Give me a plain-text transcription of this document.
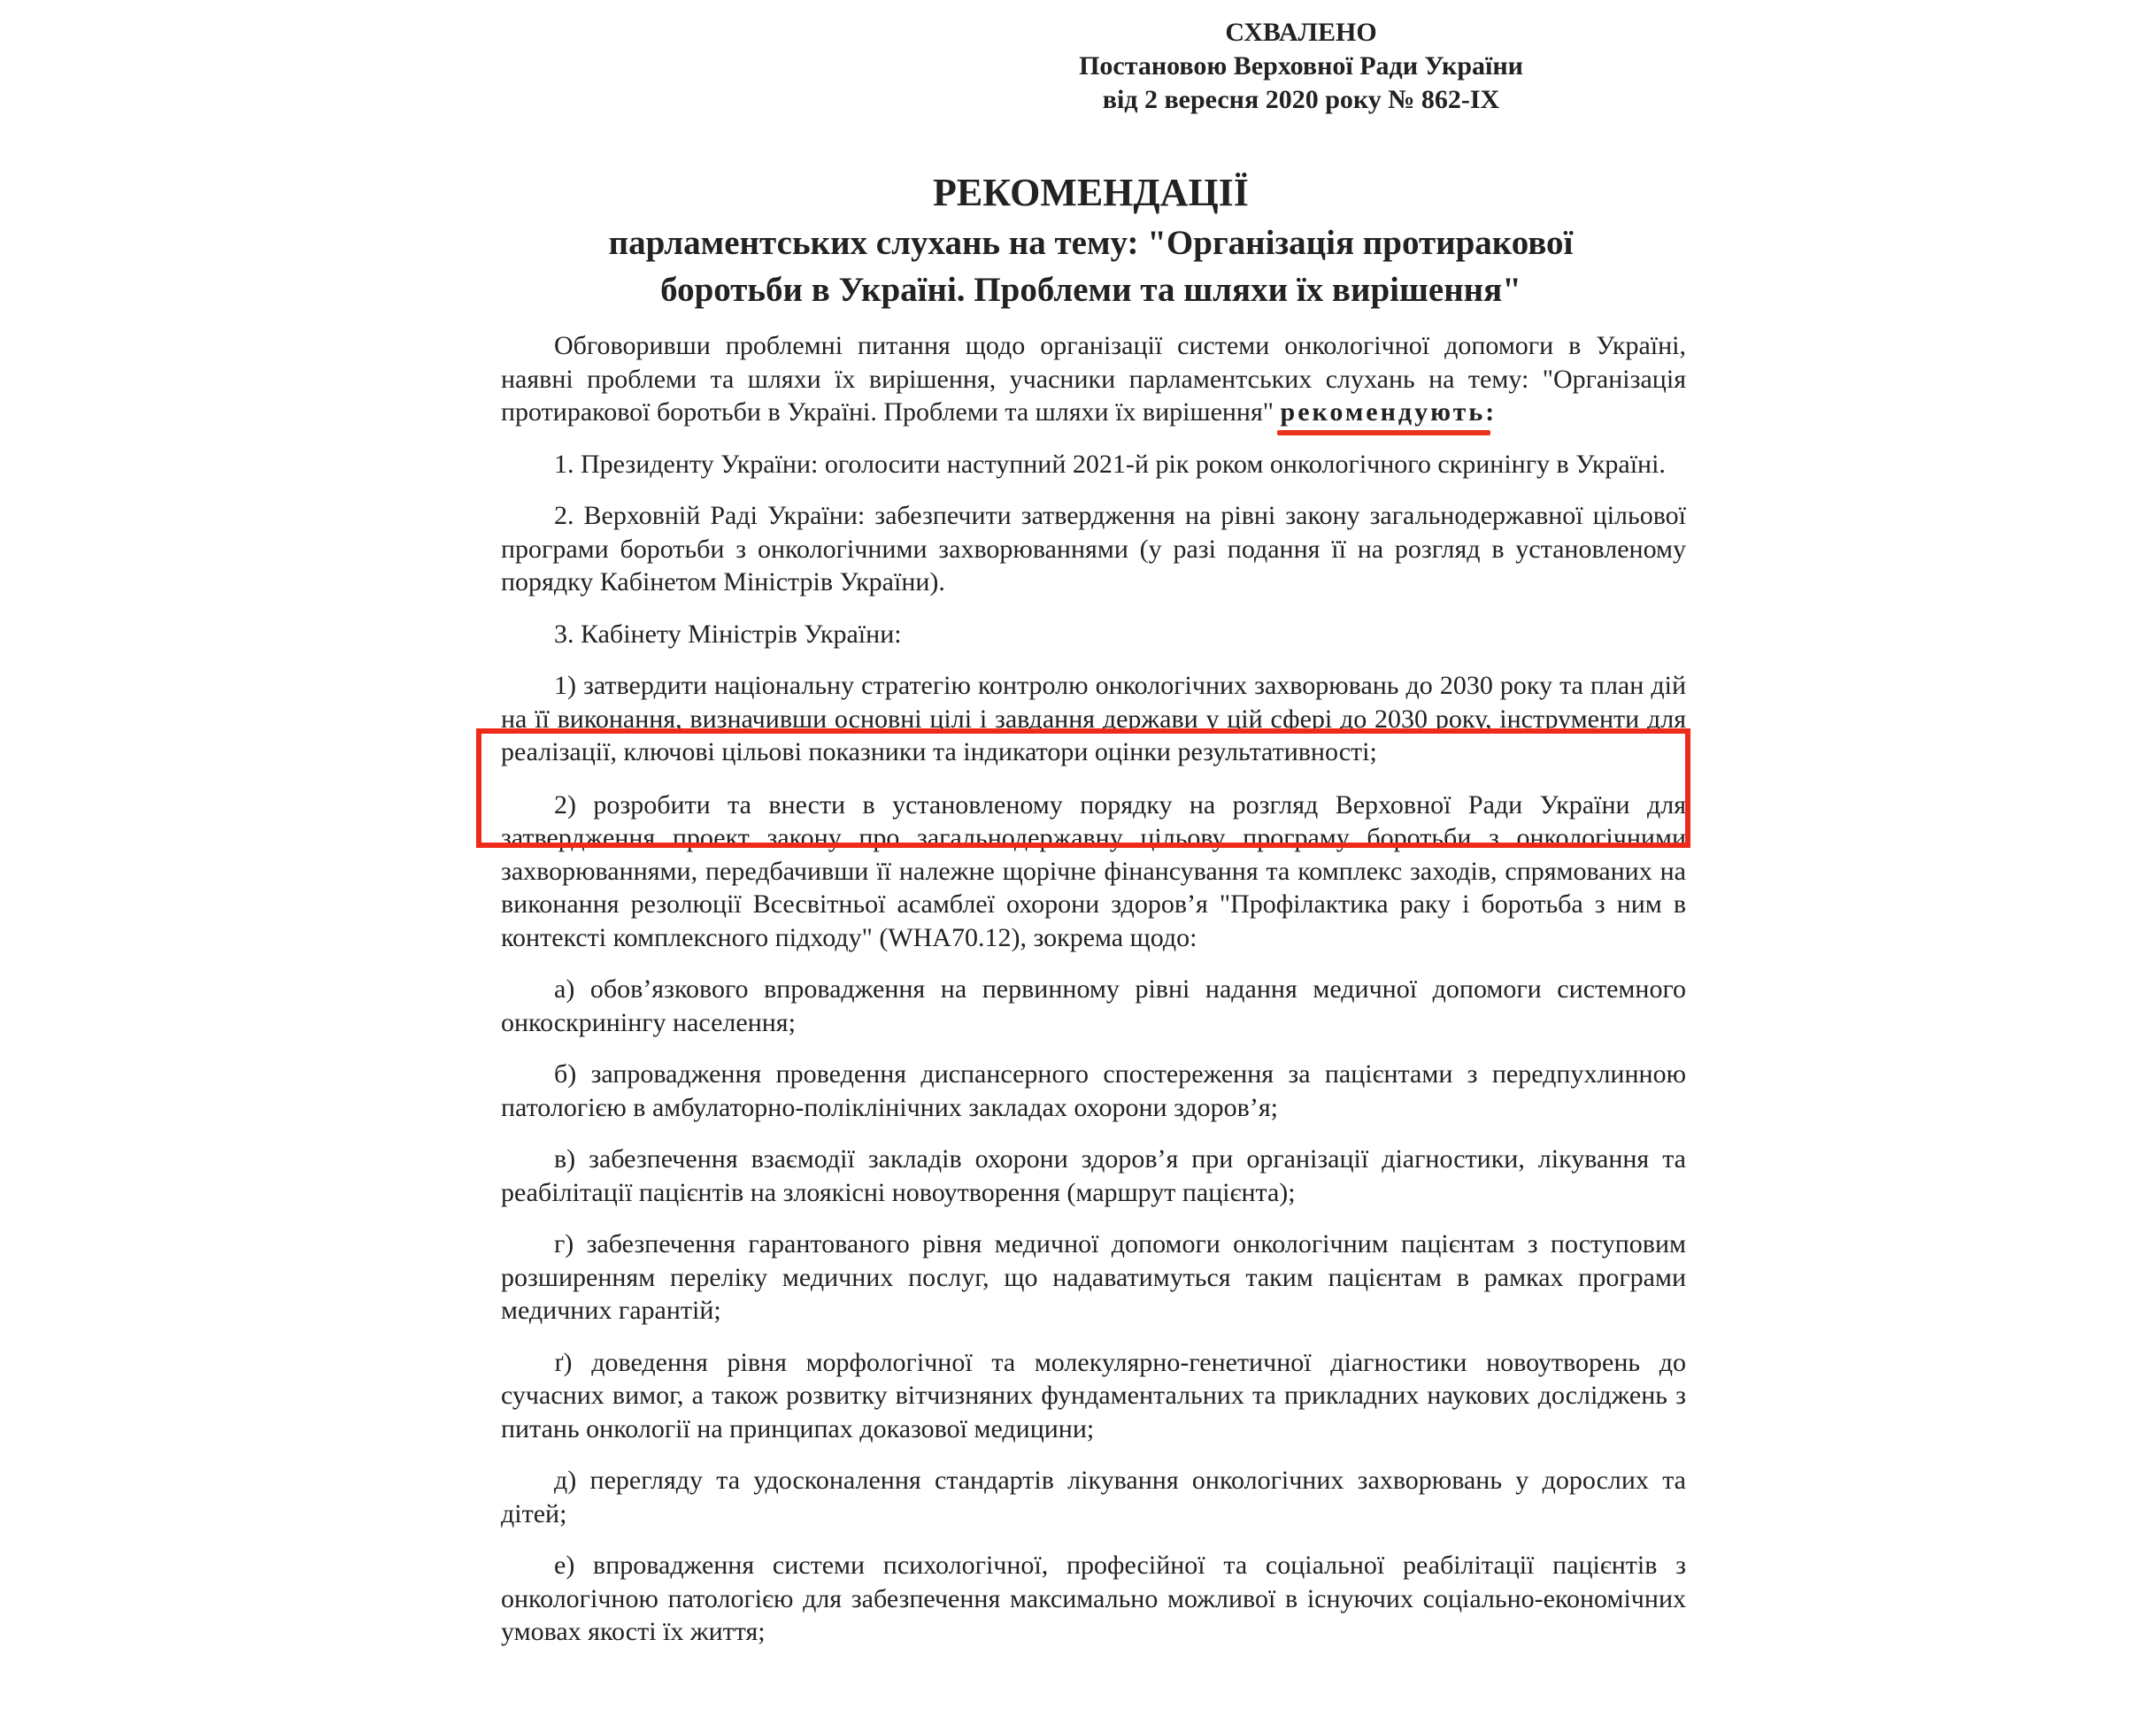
СХВАЛЕНО
Постановою Верховної Ради України
від 2 вересня 2020 року № 862-IX
РЕКОМЕНДАЦІЇ
парламентських слухань на тему: "Організація протиракової
боротьби в Україні. Проблеми та шляхи їх вирішення"

Обговоривши проблемні питання щодо організації системи онкологічної допомоги в Україні, наявні проблеми та шляхи їх вирішення, учасники парламентських слухань на тему: "Організація протиракової боротьби в Україні. Проблеми та шляхи їх вирішення" рекомендують:

1. Президенту України: оголосити наступний 2021-й рік роком онкологічного скринінгу в Україні.

2. Верховній Раді України: забезпечити затвердження на рівні закону загальнодержавної цільової програми боротьби з онкологічними захворюваннями (у разі подання її на розгляд в установленому порядку Кабінетом Міністрів України).

3. Кабінету Міністрів України:

1) затвердити національну стратегію контролю онкологічних захворювань до 2030 року та план дій на її виконання, визначивши основні цілі і завдання держави у цій сфері до 2030 року, інструменти для реалізації, ключові цільові показники та індикатори оцінки результативності;

2) розробити та внести в установленому порядку на розгляд Верховної Ради України для затвердження проект закону про загальнодержавну цільову програму боротьби з онкологічними захворюваннями, передбачивши її належне щорічне фінансування та комплекс заходів, спрямованих на виконання резолюції Всесвітньої асамблеї охорони здоров’я "Профілактика раку і боротьба з ним в контексті комплексного підходу" (WHA70.12), зокрема щодо:

а) обов’язкового впровадження на первинному рівні надання медичної допомоги системного онкоскринінгу населення;

б) запровадження проведення диспансерного спостереження за пацієнтами з передпухлинною патологією в амбулаторно-поліклінічних закладах охорони здоров’я;

в) забезпечення взаємодії закладів охорони здоров’я при організації діагностики, лікування та реабілітації пацієнтів на злоякісні новоутворення (маршрут пацієнта);

г) забезпечення гарантованого рівня медичної допомоги онкологічним пацієнтам з поступовим розширенням переліку медичних послуг, що надаватимуться таким пацієнтам в рамках програми медичних гарантій;

ґ) доведення рівня морфологічної та молекулярно-генетичної діагностики новоутворень до сучасних вимог, а також розвитку вітчизняних фундаментальних та прикладних наукових досліджень з питань онкології на принципах доказової медицини;

д) перегляду та удосконалення стандартів лікування онкологічних захворювань у дорослих та дітей;

е) впровадження системи психологічної, професійної та соціальної реабілітації пацієнтів з онкологічною патологією для забезпечення максимально можливої в існуючих соціально-економічних умовах якості їх життя;
